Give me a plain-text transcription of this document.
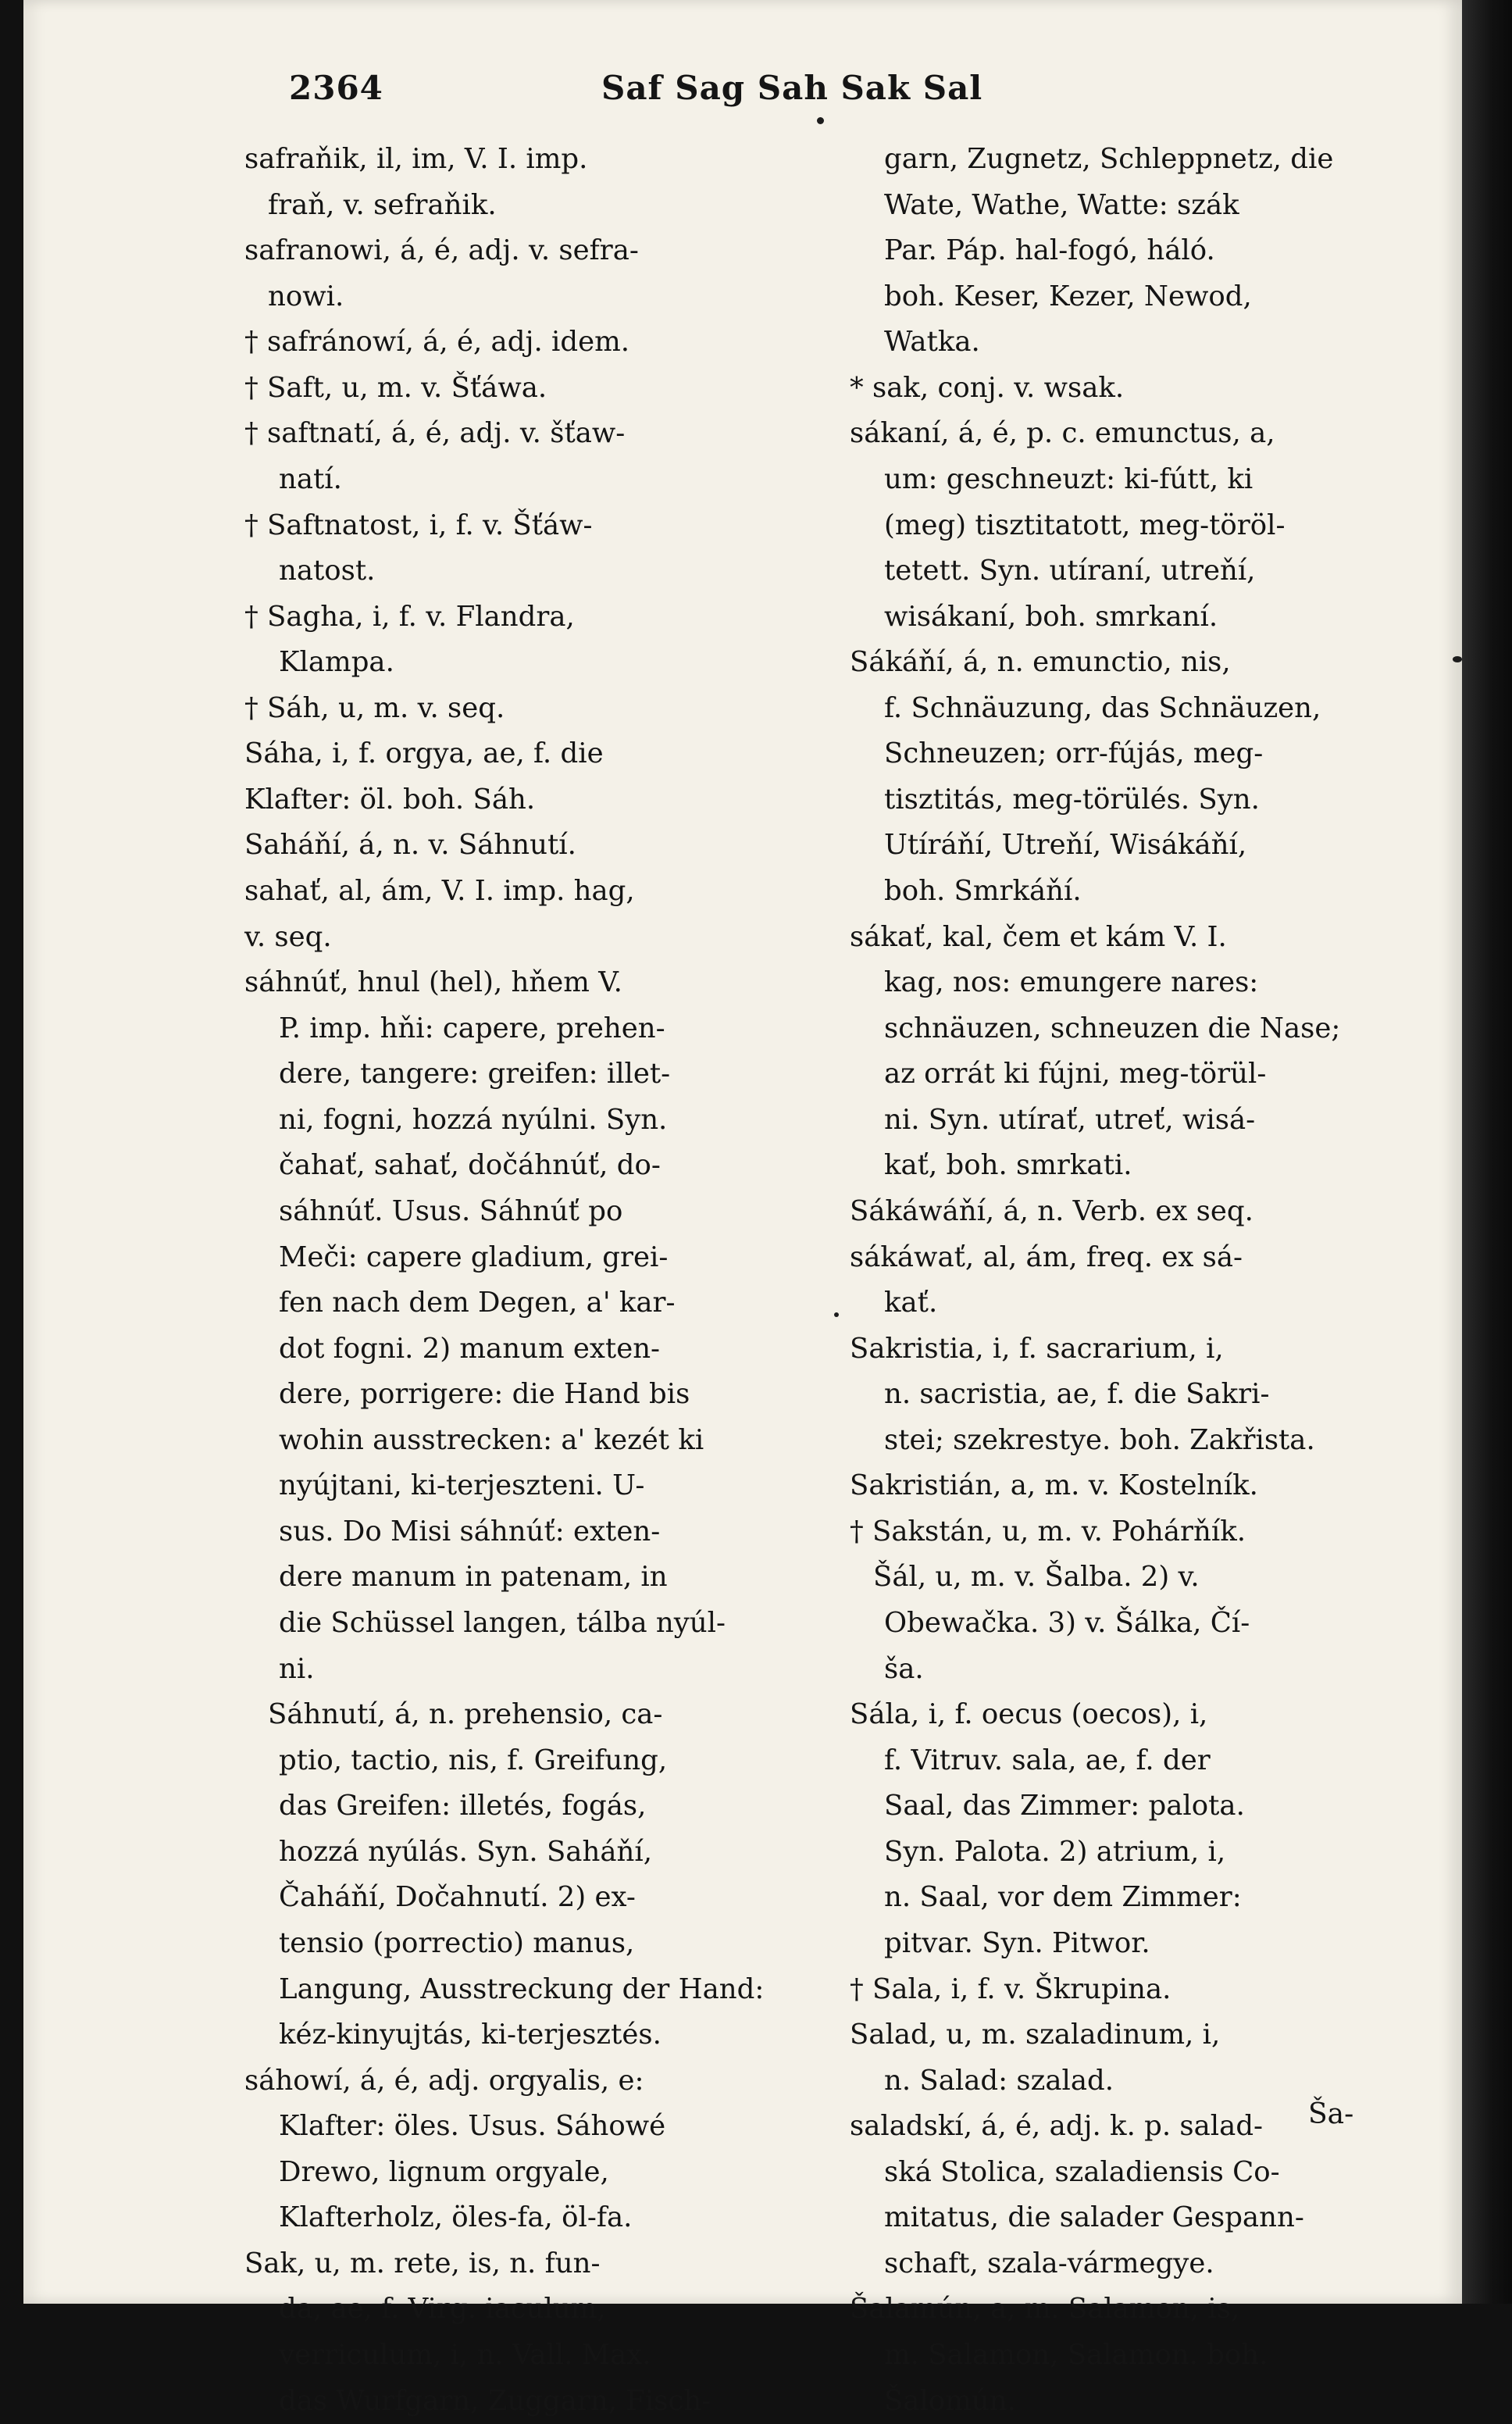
2364	Saf Sag Sah Sak Sal
safraňik, il, im, V. I. imp.
fraň, v. sefraňik.
safranowi, á, é, adj. v. sefra-
nowi.
† safránowí, á, é, adj. idem.
† Saft, u, m. v. Šťáwa.
† saftnatí, á, é, adj. v. šťaw-
natí.
† Saftnatost, i, f. v. Šťáw-
natost.
† Sagha, i, f. v. Flandra,
Klampa.
† Sáh, u, m. v. seq.
Sáha, i, f. orgya, ae, f. die
Klafter: öl. boh. Sáh.
Saháňí, á, n. v. Sáhnutí.
sahať, al, ám, V. I. imp. hag,
v. seq.
sáhnúť, hnul (hel), hňem V.
P. imp. hňi: capere, prehen-
dere, tangere: greifen: illet-
ni, fogni, hozzá nyúlni. Syn.
čahať, sahať, dočáhnúť, do-
sáhnúť. Usus. Sáhnúť po
Meči: capere gladium, grei-
fen nach dem Degen, a' kar-
dot fogni. 2) manum exten-
dere, porrigere: die Hand bis
wohin ausstrecken: a' kezét ki
nyújtani, ki-terjeszteni. U-
sus. Do Misi sáhnúť: exten-
dere manum in patenam, in
die Schüssel langen, tálba nyúl-
ni.
Sáhnutí, á, n. prehensio, ca-
ptio, tactio, nis, f. Greifung,
das Greifen: illetés, fogás,
hozzá nyúlás. Syn. Saháňí,
Čaháňí, Dočahnutí. 2) ex-
tensio (porrectio) manus,
Langung, Ausstreckung der Hand:
kéz-kinyujtás, ki-terjesztés.
sáhowí, á, é, adj. orgyalis, e:
Klafter: öles. Usus. Sáhowé
Drewo, lignum orgyale,
Klafterholz, öles-fa, öl-fa.
Sak, u, m. rete, is, n. fun-
da, ae, f. Virg. iaculum,
verriculum, i, n. Vall. Max.
das Wurfgarn, Zuggarn, Fisch-
garn, Zugnetz, Schleppnetz, die
Wate, Wathe, Watte: szák
Par. Páp. hal-fogó, háló.
boh. Keser, Kezer, Newod,
Watka.
* sak, conj. v. wsak.
sákaní, á, é, p. c. emunctus, a,
um: geschneuzt: ki-fútt, ki
(meg) tisztitatott, meg-töröl-
tetett. Syn. utíraní, utreňí,
wisákaní, boh. smrkaní.
Sákáňí, á, n. emunctio, nis,
f. Schnäuzung, das Schnäuzen,
Schneuzen; orr-fújás, meg-
tisztitás, meg-törülés. Syn.
Utíráňí, Utreňí, Wisákáňí,
boh. Smrkáňí.
sákať, kal, čem et kám V. I.
kag, nos: emungere nares:
schnäuzen, schneuzen die Nase;
az orrát ki fújni, meg-törül-
ni. Syn. utírať, utreť, wisá-
kať, boh. smrkati.
Sákáwáňí, á, n. Verb. ex seq.
sákáwať, al, ám, freq. ex sá-
kať.
Sakristia, i, f. sacrarium, i,
n. sacristia, ae, f. die Sakri-
stei; szekrestye. boh. Zakřista.
Sakristián, a, m. v. Kostelník.
† Sakstán, u, m. v. Pohárňík.
Šál, u, m. v. Šalba. 2) v.
Obewačka. 3) v. Šálka, Čí-
ša.
Sála, i, f. oecus (oecos), i,
f. Vitruv. sala, ae, f. der
Saal, das Zimmer: palota.
Syn. Palota. 2) atrium, i,
n. Saal, vor dem Zimmer:
pitvar. Syn. Pitwor.
† Sala, i, f. v. Škrupina.
Salad, u, m. szaladinum, i,
n. Salad: szalad.
saladskí, á, é, adj. k. p. salad-
ská Stolica, szaladiensis Co-
mitatus, die salader Gespann-
schaft, szala-vármegye.
Šalamún, a, m. Salamon, is,
m. Salamon, Salamon. boh.
Šalomún.
Ša-
